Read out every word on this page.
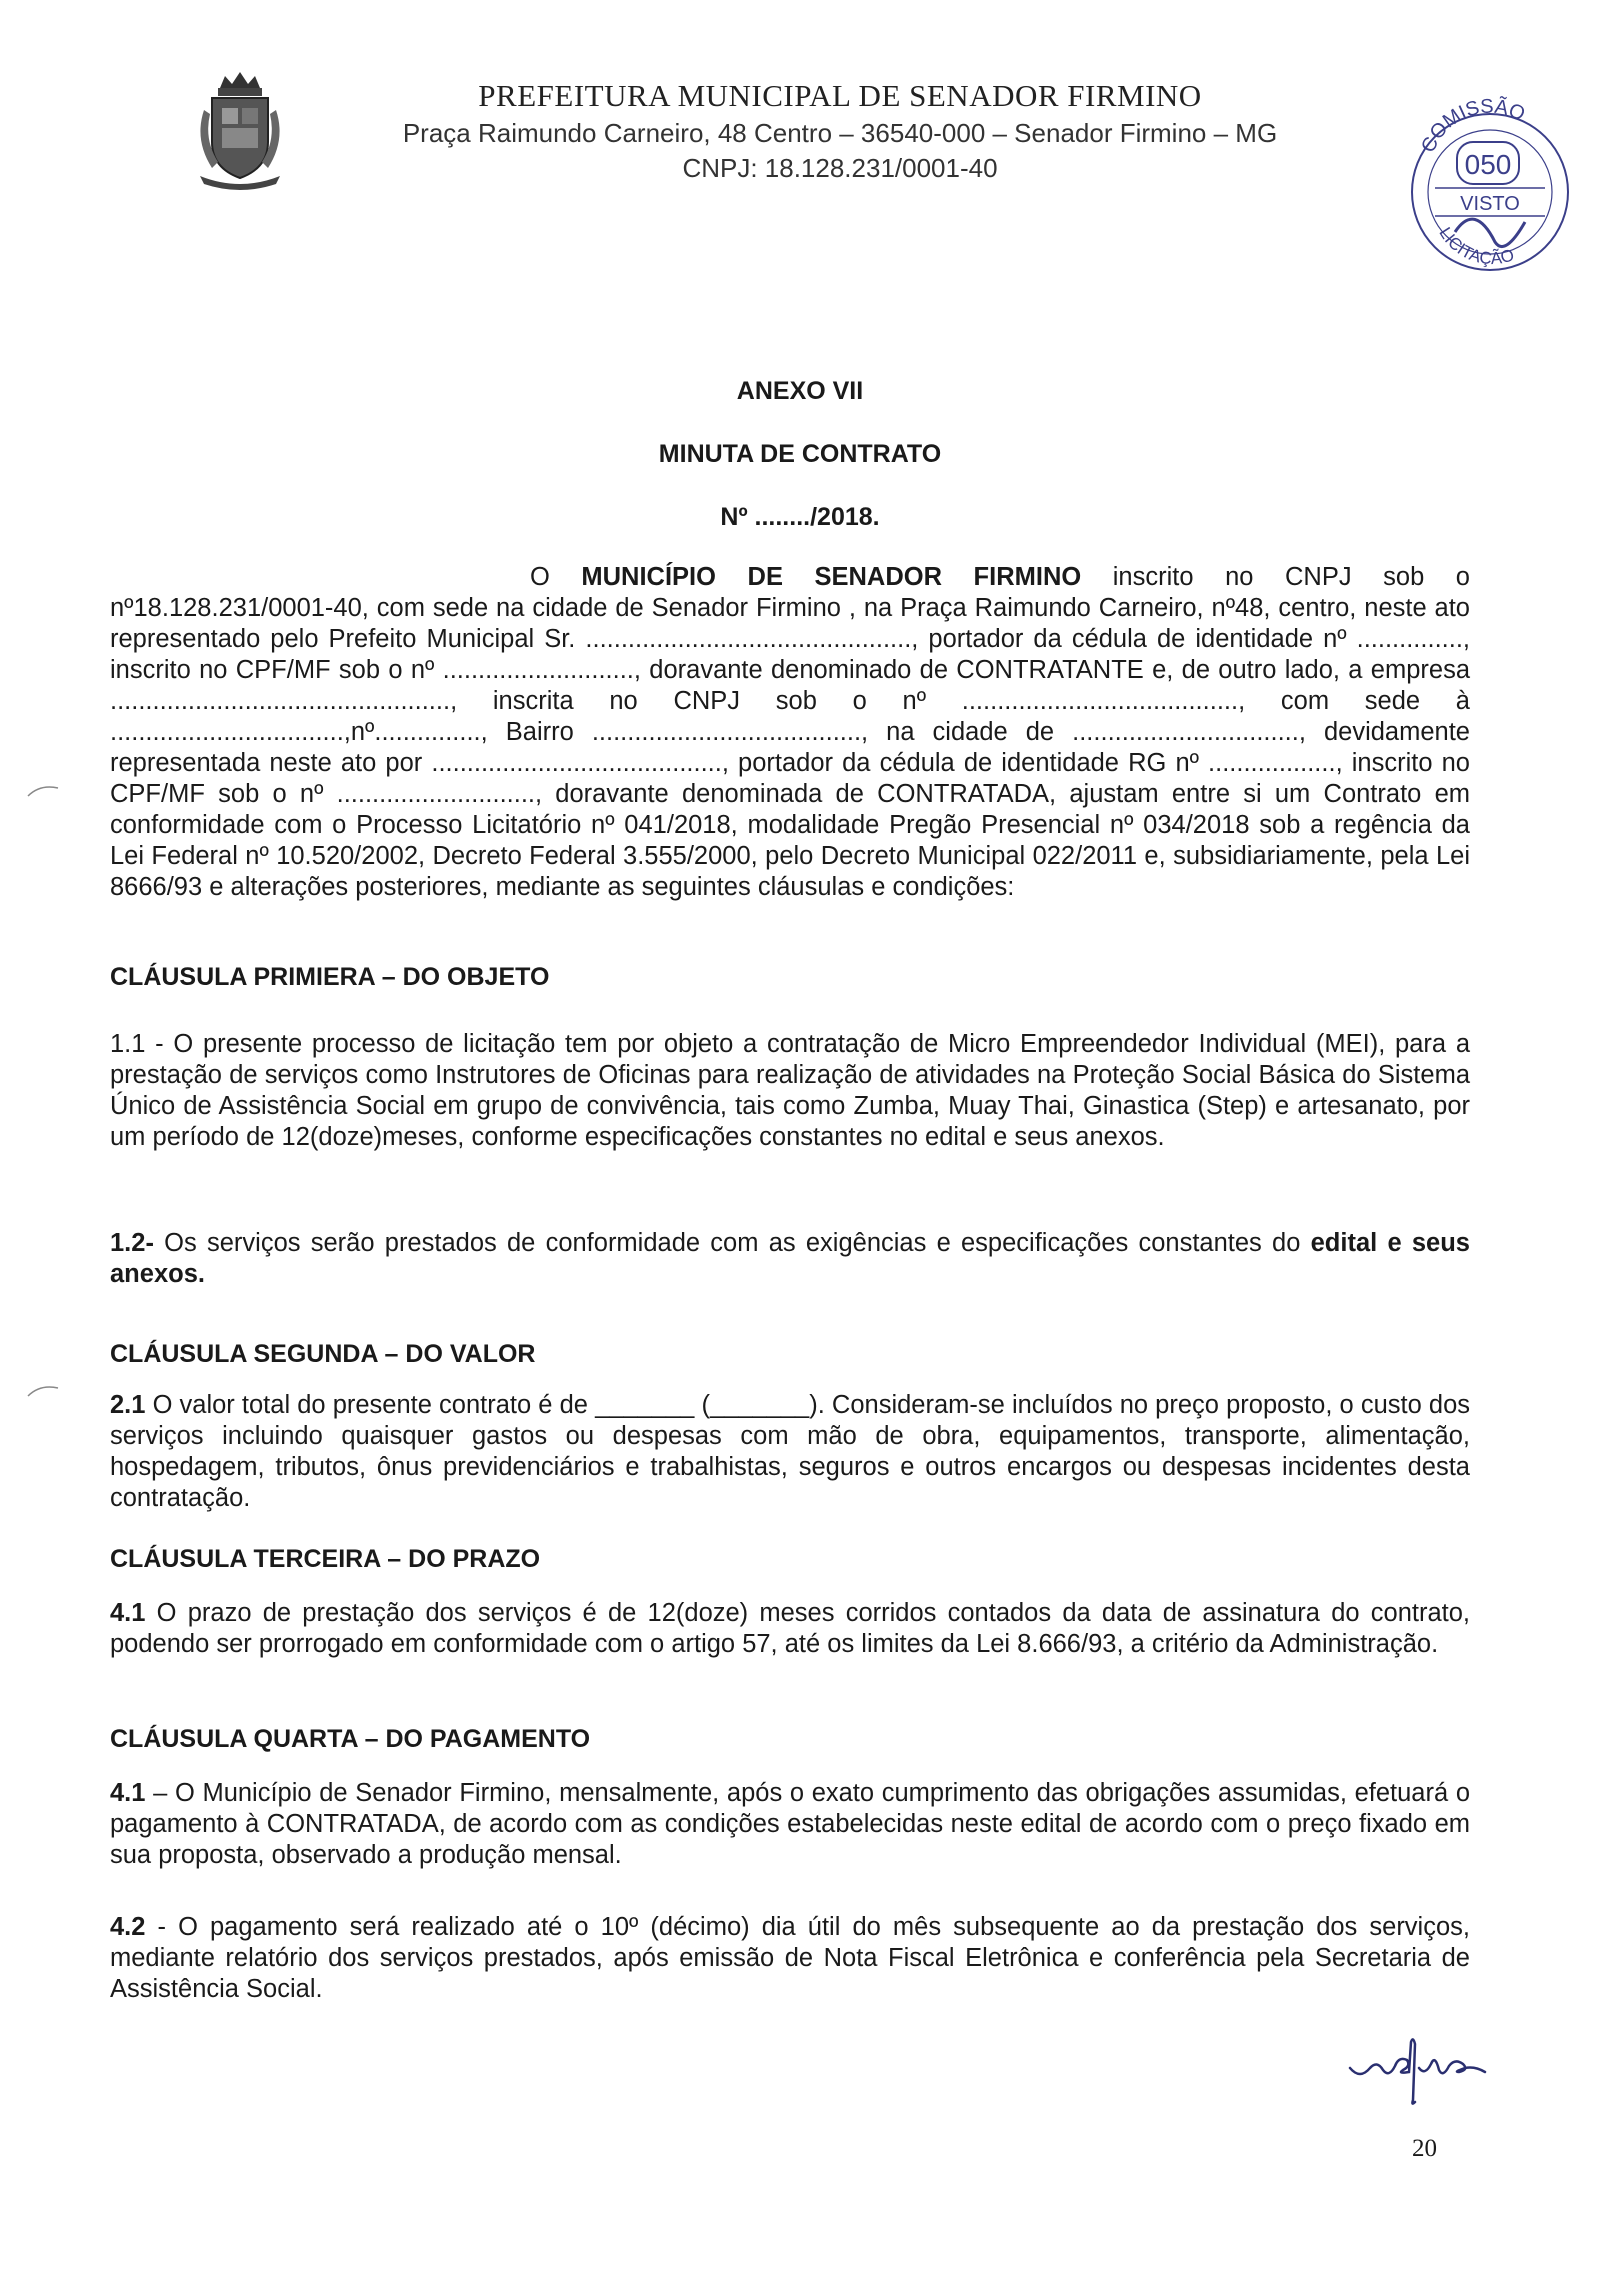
PREFEITURA MUNICIPAL DE SENADOR FIRMINO
Praça Raimundo Carneiro, 48 Centro – 36540-000 – Senador Firmino – MG
CNPJ: 18.128.231/0001-40
COMISSÃO
050
VISTO
LICITAÇÃO
ANEXO VII
MINUTA DE CONTRATO
Nº ......../2018.

O MUNICÍPIO DE SENADOR FIRMINO inscrito no CNPJ sob o nº18.128.231/0001-40, com sede na cidade de Senador Firmino , na Praça Raimundo Carneiro, nº48, centro, neste ato representado pelo Prefeito Municipal Sr. .............................................., portador da cédula de identidade nº ..............., inscrito no CPF/MF sob o nº ..........................., doravante denominado de CONTRATANTE e, de outro lado, a empresa ................................................, inscrita no CNPJ sob o nº ......................................., com sede à .................................,nº..............., Bairro ......................................, na cidade de ................................, devidamente representada neste ato por ........................................., portador da cédula de identidade RG nº .................., inscrito no CPF/MF sob o nº ............................, doravante denominada de CONTRATADA, ajustam entre si um Contrato em conformidade com o Processo Licitatório nº 041/2018, modalidade Pregão Presencial nº 034/2018 sob a regência da Lei Federal nº 10.520/2002, Decreto Federal 3.555/2000, pelo Decreto Municipal 022/2011 e, subsidiariamente, pela Lei 8666/93 e alterações posteriores, mediante as seguintes cláusulas e condições:

CLÁUSULA PRIMIERA – DO OBJETO

1.1 - O presente processo de licitação tem por objeto a contratação de Micro Empreendedor Individual (MEI), para a prestação de serviços como Instrutores de Oficinas para realização de atividades na Proteção Social Básica do Sistema Único de Assistência Social em grupo de convivência, tais como Zumba, Muay Thai, Ginastica (Step) e artesanato, por um período de 12(doze)meses, conforme especificações constantes no edital e seus anexos.

1.2- Os serviços serão prestados de conformidade com as exigências e especificações constantes do edital e seus anexos.

CLÁUSULA SEGUNDA – DO VALOR

2.1 O valor total do presente contrato é de _______ (_______). Consideram-se incluídos no preço proposto, o custo dos serviços incluindo quaisquer gastos ou despesas com mão de obra, equipamentos, transporte, alimentação, hospedagem, tributos, ônus previdenciários e trabalhistas, seguros e outros encargos ou despesas incidentes desta contratação.

CLÁUSULA TERCEIRA – DO PRAZO

4.1 O prazo de prestação dos serviços é de 12(doze) meses corridos contados da data de assinatura do contrato, podendo ser prorrogado em conformidade com o artigo 57, até os limites da Lei 8.666/93, a critério da Administração.

CLÁUSULA QUARTA – DO PAGAMENTO

4.1 – O Município de Senador Firmino, mensalmente, após o exato cumprimento das obrigações assumidas, efetuará o pagamento à CONTRATADA, de acordo com as condições estabelecidas neste edital de acordo com o preço fixado em sua proposta, observado a produção mensal.

4.2 - O pagamento será realizado até o 10º (décimo) dia útil do mês subsequente ao da prestação dos serviços, mediante relatório dos serviços prestados, após emissão de Nota Fiscal Eletrônica e conferência pela Secretaria de Assistência Social.

20
